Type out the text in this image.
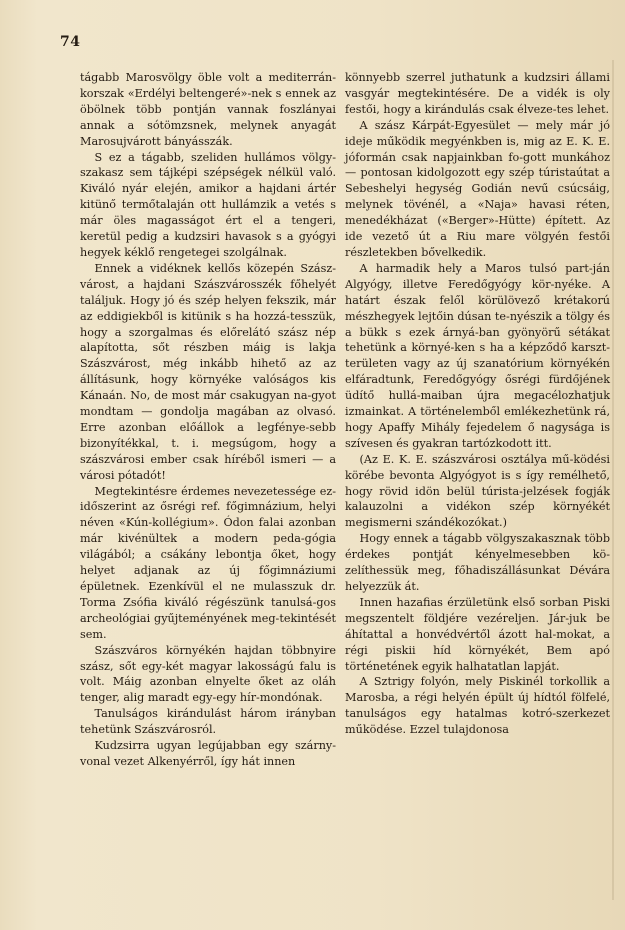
74

tágabb Marosvölgy öble volt a mediterrán-korszak «Erdélyi beltengeré»-nek s ennek az öbölnek több pontján vannak foszlányai annak a sótömzsnek, melynek anyagát Marosujvárott bányásszák.

S ez a tágabb, szeliden hullámos völgy-szakasz sem tájképi szépségek nélkül való. Kiváló nyár elején, amikor a hajdani ártér kitünő termőtalaján ott hullámzik a vetés s már öles magasságot ért el a tengeri, keretül pedig a kudzsiri havasok s a gyógyi hegyek kéklő rengetegei szolgálnak.

Ennek a vidéknek kellős közepén Szász-várost, a hajdani Szászvárosszék főhelyét találjuk. Hogy jó és szép helyen fekszik, már az eddigiekből is kitünik s ha hozzá-tesszük, hogy a szorgalmas és előrelátó szász nép alapította, sőt részben máig is lakja Szászvárost, még inkább hihető az az állításunk, hogy környéke valóságos kis Kánaán. No, de most már csakugyan na-gyot mondtam — gondolja magában az olvasó. Erre azonban előállok a legfénye-sebb bizonyítékkal, t. i. megsúgom, hogy a szászvárosi ember csak híréből ismeri — a városi pótadót!

Megtekintésre érdemes nevezetessége ez-időszerint az ősrégi ref. főgimnázium, helyi néven «Kún-kollégium». Ódon falai azonban már kivénültek a modern peda-gógia világából; a csákány lebontja őket, hogy helyet adjanak az új főgimnáziumi épületnek. Ezenkívül el ne mulasszuk dr. Torma Zsófia kiváló régészünk tanulsá-gos archeológiai gyűjteményének meg-tekintését sem.

Szászváros környékén hajdan többnyire szász, sőt egy-két magyar lakosságú falu is volt. Máig azonban elnyelte őket az oláh tenger, alig maradt egy-egy hír-mondónak.

Tanulságos kirándulást három irányban tehetünk Szászvárosról.

Kudzsirra ugyan legújabban egy szárny-vonal vezet Alkenyérről, így hát innen

könnyebb szerrel juthatunk a kudzsiri állami vasgyár megtekintésére. De a vidék is oly festői, hogy a kirándulás csak élveze-tes lehet.

A szász Kárpát-Egyesület — mely már jó ideje működik megyénkben is, mig az E. K. E. jóformán csak napjainkban fo-gott munkához — pontosan kidolgozott egy szép túristaútat a Sebeshelyi hegység Godián nevű csúcsáig, melynek tövénél, a «Naja» havasi réten, menedékházat («Berger»-Hütte) épített. Az ide vezető út a Riu mare völgyén festői részletekben bővelkedik.

A harmadik hely a Maros tulsó part-ján Algyógy, illetve Feredőgyógy kör-nyéke. A határt észak felől körülövező krétakorú mészhegyek lejtőin dúsan te-nyészik a tölgy és a bükk s ezek árnyá-ban gyönyörű sétákat tehetünk a környé-ken s ha a képződő karszt-területen vagy az új szanatórium környékén elfáradtunk, Feredőgyógy ősrégi fürdőjének üdítő hullá-maiban újra megacélozhatjuk izmainkat. A történelemből emlékezhetünk rá, hogy Apaffy Mihály fejedelem ő nagysága is szívesen és gyakran tartózkodott itt.

(Az E. K. E. szászvárosi osztálya mű-ködési körébe bevonta Algyógyot is s így remélhető, hogy rövid idön belül túrista-jelzések fogják kalauzolni a vidékon szép környékét megismerni szándékozókat.)

Hogy ennek a tágabb völgyszakasznak több érdekes pontját kényelmesebben kö-zelíthessük meg, főhadiszállásunkat Dévára helyezzük át.

Innen hazafias érzületünk első sorban Piski megszentelt földjére vezéreljen. Jár-juk be áhítattal a honvédvértől ázott hal-mokat, a régi piskii híd környékét, Bem apó történetének egyik halhatatlan lapját.

A Sztrigy folyón, mely Piskinél torkollik a Marosba, a régi helyén épült új hídtól fölfelé, tanulságos egy hatalmas kotró-szerkezet működése. Ezzel tulajdonosa
